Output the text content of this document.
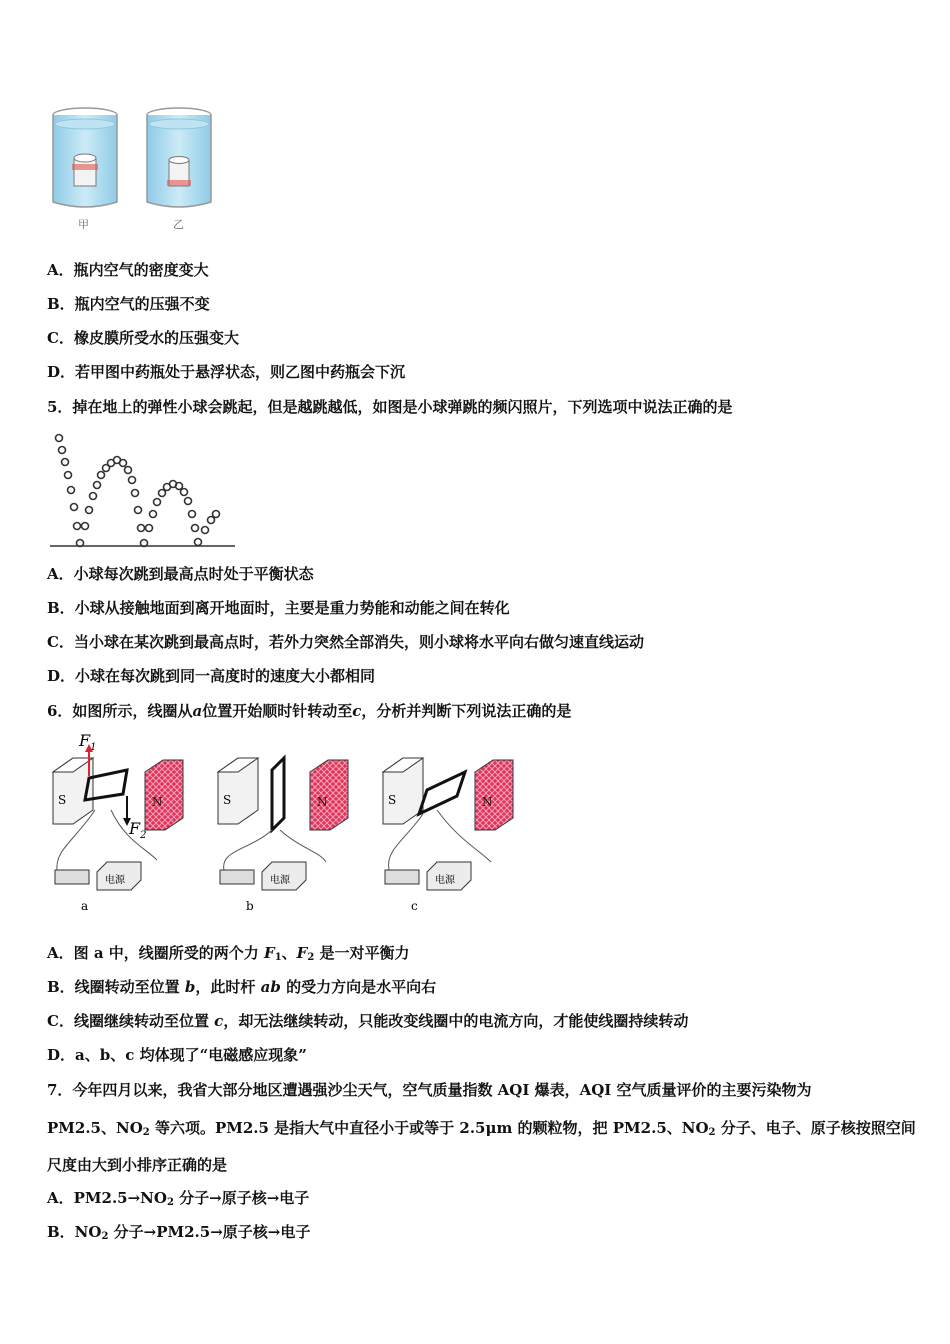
甲	乙
A．瓶内空气的密度变大
B．瓶内空气的压强不变
C．橡皮膜所受水的压强变大
D．若甲图中药瓶处于悬浮状态，则乙图中药瓶会下沉
5．掉在地上的弹性小球会跳起，但是越跳越低，如图是小球弹跳的频闪照片，下列选项中说法正确的是
A．小球每次跳到最高点时处于平衡状态
B．小球从接触地面到离开地面时，主要是重力势能和动能之间在转化
C．当小球在某次跳到最高点时，若外力突然全部消失，则小球将水平向右做匀速直线运动
D．小球在每次跳到同一高度时的速度大小都相同
6．如图所示，线圈从a位置开始顺时针转动至c，分析并判断下列说法正确的是
S	N
$F_1$
$F_2$
电源
a
S	N
电源
b
S	N
电源
c
A．图 a 中，线圈所受的两个力 $F_1$、$F_2$ 是一对平衡力
B．线圈转动至位置 b，此时杆 ab 的受力方向是水平向右
C．线圈继续转动至位置 c，却无法继续转动，只能改变线圈中的电流方向，才能使线圈持续转动
D．a、b、c 均体现了“电磁感应现象”
7．今年四月以来，我省大部分地区遭遇强沙尘天气，空气质量指数 AQI 爆表，AQI 空气质量评价的主要污染物为
PM2.5、$NO_2$ 等六项。PM2.5 是指大气中直径小于或等于 2.5μm 的颗粒物，把 PM2.5、$NO_2$ 分子、电子、原子核按照空间
尺度由大到小排序正确的是
A．$PM2.5\to NO_2$ 分子→原子核→电子
B．$NO_2$ 分子→PM2.5→原子核→电子
